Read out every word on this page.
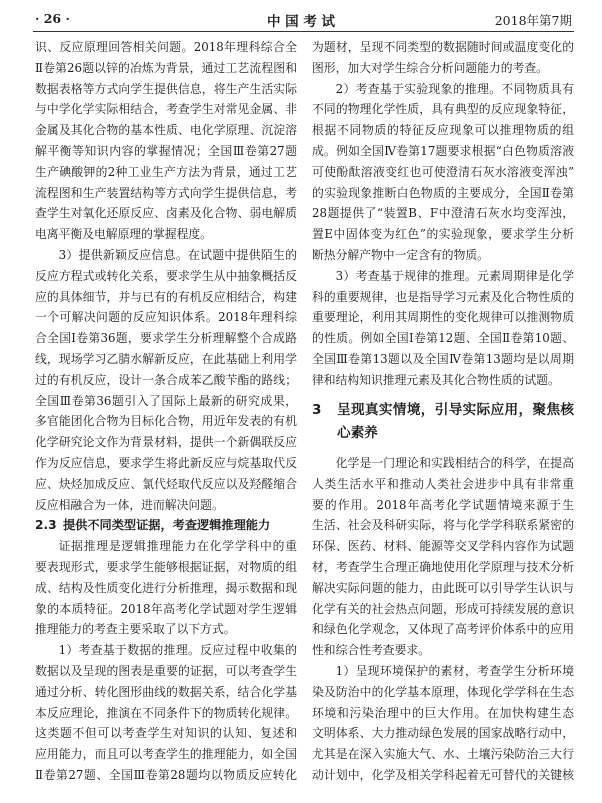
· 26 ·	中 国 考 试	2018年第7期
识、反应原理回答相关问题。2018年理科综合全
Ⅱ卷第26题以锌的冶炼为背景，通过工艺流程图和
数据表格等方式向学生提供信息，将生产生活实际
与中学化学实际相结合，考查学生对常见金属、非
金属及其化合物的基本性质、电化学原理、沉淀溶
解平衡等知识内容的掌握情况；全国Ⅲ卷第27题
生产碘酸钾的2种工业生产方法为背景，通过工艺
流程图和生产装置结构等方式向学生提供信息，考
查学生对氧化还原反应、卤素及化合物、弱电解质
电离平衡及电解原理的掌握程度。
3）提供新颖反应信息。在试题中提供陌生的
反应方程式或转化关系，要求学生从中抽象概括反
应的具体细节，并与已有的有机反应相结合，构建
一个可解决问题的反应知识体系。2018年理科综
合全国Ⅰ卷第36题，要求学生分析理解整个合成路
线，现场学习乙腈水解新反应，在此基础上利用学
过的有机反应，设计一条合成苯乙酸苄酯的路线；
全国Ⅲ卷第36题引入了国际上最新的研究成果，
多官能团化合物为目标化合物，用近年发表的有机
化学研究论文作为背景材料，提供一个新偶联反应
作为反应信息，要求学生将此新反应与烷基取代反
应、炔烃加成反应、氯代烃取代反应以及羟醛缩合
反应相融合为一体，进而解决问题。
2.3 提供不同类型证据，考查逻辑推理能力
证据推理是逻辑推理能力在化学学科中的重
要表现形式，要求学生能够根据证据，对物质的组
成、结构及性质变化进行分析推理，揭示数据和现
象的本质特征。2018年高考化学试题对学生逻辑
推理能力的考查主要采取了以下方式。
1）考查基于数据的推理。反应过程中收集的
数据以及呈现的图表是重要的证据，可以考查学生
通过分析、转化图形曲线的数据关系，结合化学基
本反应理论，推演在不同条件下的物质转化规律。
这类题不但可以考查学生对知识的认知、复述和
应用能力，而且可以考查学生的推理能力，如全国
Ⅱ卷第27题、全国Ⅲ卷第28题均以物质反应转化
为题材，呈现不同类型的数据随时间或温度变化的
图形，加大对学生综合分析问题能力的考查。
2）考查基于实验现象的推理。不同物质具有
不同的物理化学性质，具有典型的反应现象特征，
根据不同物质的特征反应现象可以推理物质的组
成。例如全国Ⅳ卷第17题要求根据“白色物质溶液
可使酚酞溶液变红也可使澄清石灰水溶液变浑浊”
的实验现象推断白色物质的主要成分，全国Ⅱ卷第
28题提供了“装置B、F中澄清石灰水均变浑浊，
置E中固体变为红色”的实验现象，要求学生分析
断热分解产物中一定含有的物质。
3）考查基于规律的推理。元素周期律是化学
科的重要规律，也是指导学习元素及化合物性质的
重要理论，利用其周期性的变化规律可以推测物质
的性质。例如全国Ⅰ卷第12题、全国Ⅱ卷第10题、
全国Ⅲ卷第13题以及全国Ⅳ卷第13题均是以周期
律和结构知识推理元素及其化合物性质的试题。
3	呈现真实情境，引导实际应用，聚焦核
心素养
化学是一门理论和实践相结合的科学，在提高
人类生活水平和推动人类社会进步中具有非常重
要的作用。2018年高考化学试题情境来源于生
生活、社会及科研实际，将与化学学科联系紧密的
环保、医药、材料、能源等交叉学科内容作为试题
材，考查学生合理正确地使用化学原理与技术分析
解决实际问题的能力，由此既可以引导学生认识与
化学有关的社会热点问题，形成可持续发展的意识
和绿色化学观念，又体现了高考评价体系中的应用
性和综合性考查要求。
1）呈现环境保护的素材，考查学生分析环境
染及防治中的化学基本原理，体现化学学科在生态
环境和污染治理中的巨大作用。在加快构建生态
文明体系、大力推动绿色发展的国家战略行动中，
尤其是在深入实施大气、水、土壤污染防治三大行
动计划中，化学及相关学科起着无可替代的关键核
